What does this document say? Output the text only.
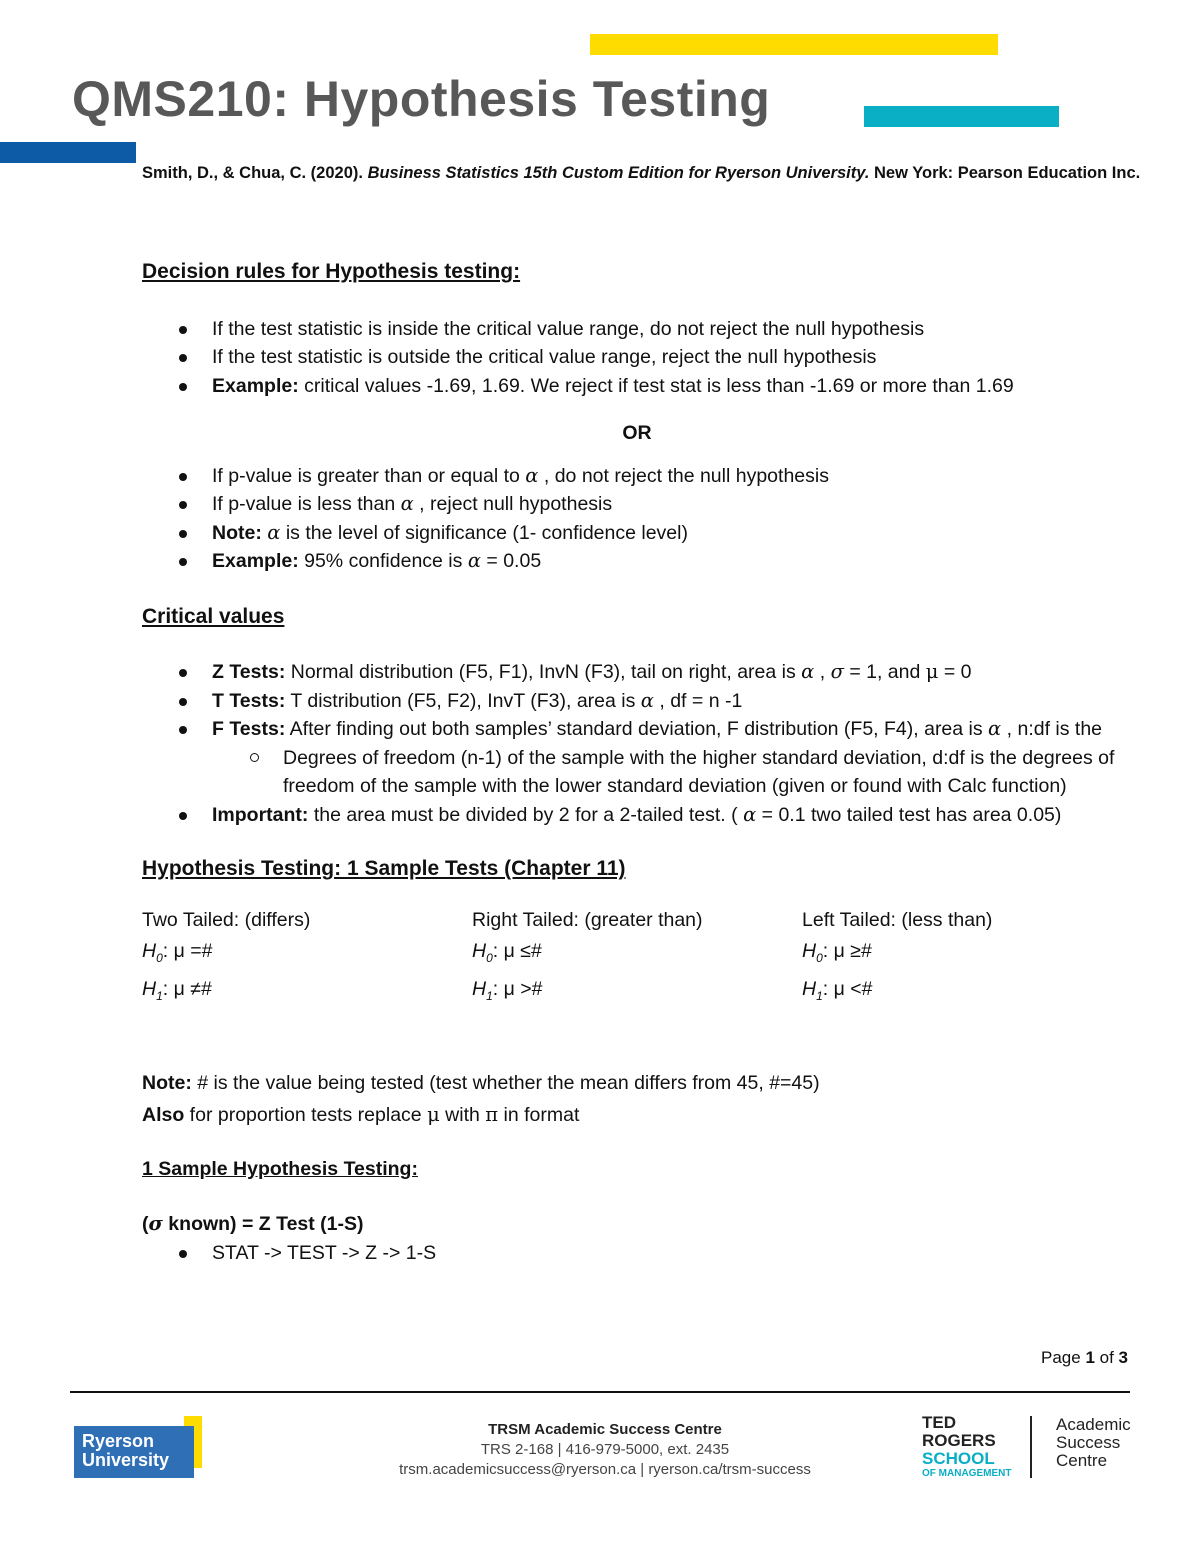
QMS210: Hypothesis Testing
Smith, D., & Chua, C. (2020). Business Statistics 15th Custom Edition for Ryerson University. New York: Pearson Education Inc.
Decision rules for Hypothesis testing:
If the test statistic is inside the critical value range, do not reject the null hypothesis
If the test statistic is outside the critical value range, reject the null hypothesis
Example: critical values -1.69, 1.69. We reject if test stat is less than -1.69 or more than 1.69
OR
If p-value is greater than or equal to α , do not reject the null hypothesis
If p-value is less than α , reject null hypothesis
Note: α is the level of significance (1- confidence level)
Example: 95% confidence is α = 0.05
Critical values
Z Tests: Normal distribution (F5, F1), InvN (F3), tail on right, area is α , σ = 1, and μ = 0
T Tests: T distribution (F5, F2), InvT (F3), area is α , df = n -1
F Tests: After finding out both samples’ standard deviation, F distribution (F5, F4), area is α , n:df is the
Degrees of freedom (n-1) of the sample with the higher standard deviation, d:df is the degrees of freedom of the sample with the lower standard deviation (given or found with Calc function)
Important: the area must be divided by 2 for a 2-tailed test. ( α = 0.1 two tailed test has area 0.05)
Hypothesis Testing: 1 Sample Tests (Chapter 11)
Two Tailed: (differs)
$H_0$: μ =#
$H_1$: μ ≠#
Right Tailed: (greater than)
$H_0$: μ ≤#
$H_1$: μ >#
Left Tailed: (less than)
$H_0$: μ ≥#
$H_1$: μ <#
Note: # is the value being tested (test whether the mean differs from 45, #=45)
Also for proportion tests replace μ with π in format
1 Sample Hypothesis Testing:
(σ known) = Z Test (1-S)
STAT -> TEST -> Z -> 1-S
Page 1 of 3
Ryerson
University
TRSM Academic Success Centre
TRS 2-168 | 416-979-5000, ext. 2435
trsm.academicsuccess@ryerson.ca | ryerson.ca/trsm-success
TED
ROGERS
SCHOOL
OF MANAGEMENT
Academic
Success
Centre
